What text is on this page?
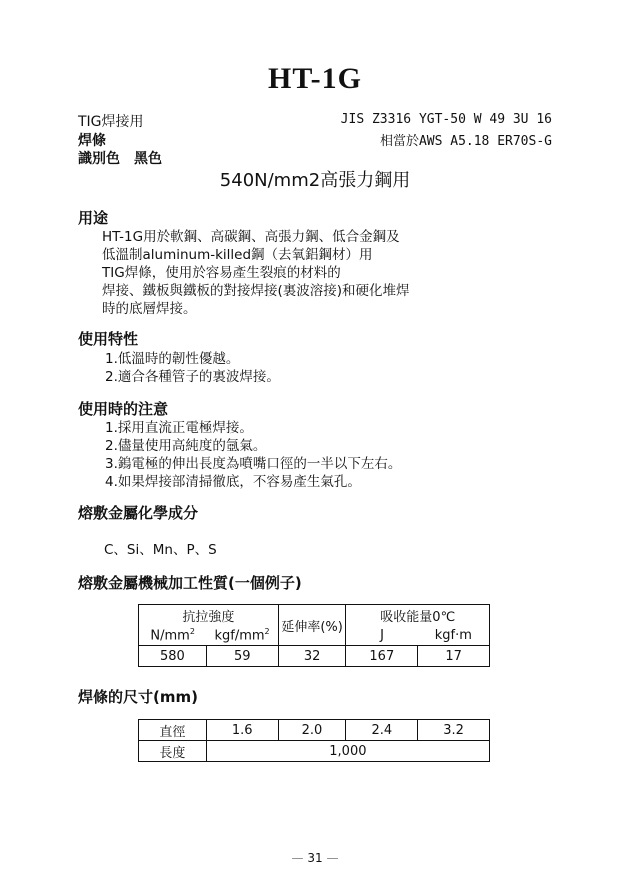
HT-1G
TIG焊接用
焊條
識別色　黑色
JIS Z3316 YGT-50 W 49 3U 16
相當於AWS A5.18 ER70S-G
540N/mm2高張力鋼用
用途
HT-1G用於軟鋼、高碳鋼、高張力鋼、低合金鋼及
低溫制aluminum-killed鋼（去氧鋁鋼材）用
TIG焊條，使用於容易產生裂痕的材料的
焊接、鐵板與鐵板的對接焊接(裏波溶接)和硬化堆焊
時的底層焊接。
使用特性
1.低溫時的韌性優越。
2.適合各種管子的裏波焊接。
使用時的注意
1.採用直流正電極焊接。
2.儘量使用高純度的氬氣。
3.鎢電極的伸出長度為噴嘴口徑的一半以下左右。
4.如果焊接部清掃徹底，不容易產生氣孔。
熔敷金屬化學成分
C、Si、Mn、P、S
熔敷金屬機械加工性質(一個例子)
抗拉強度		延伸率(%)	吸收能量0℃	
$N/mm^2$	kgf/$mm^2$		J	kgf·m
580	59	32	167	17
焊條的尺寸(mm)
直徑	1.6	2.0	2.4	3.2
長度	1,000			
— 31 —
